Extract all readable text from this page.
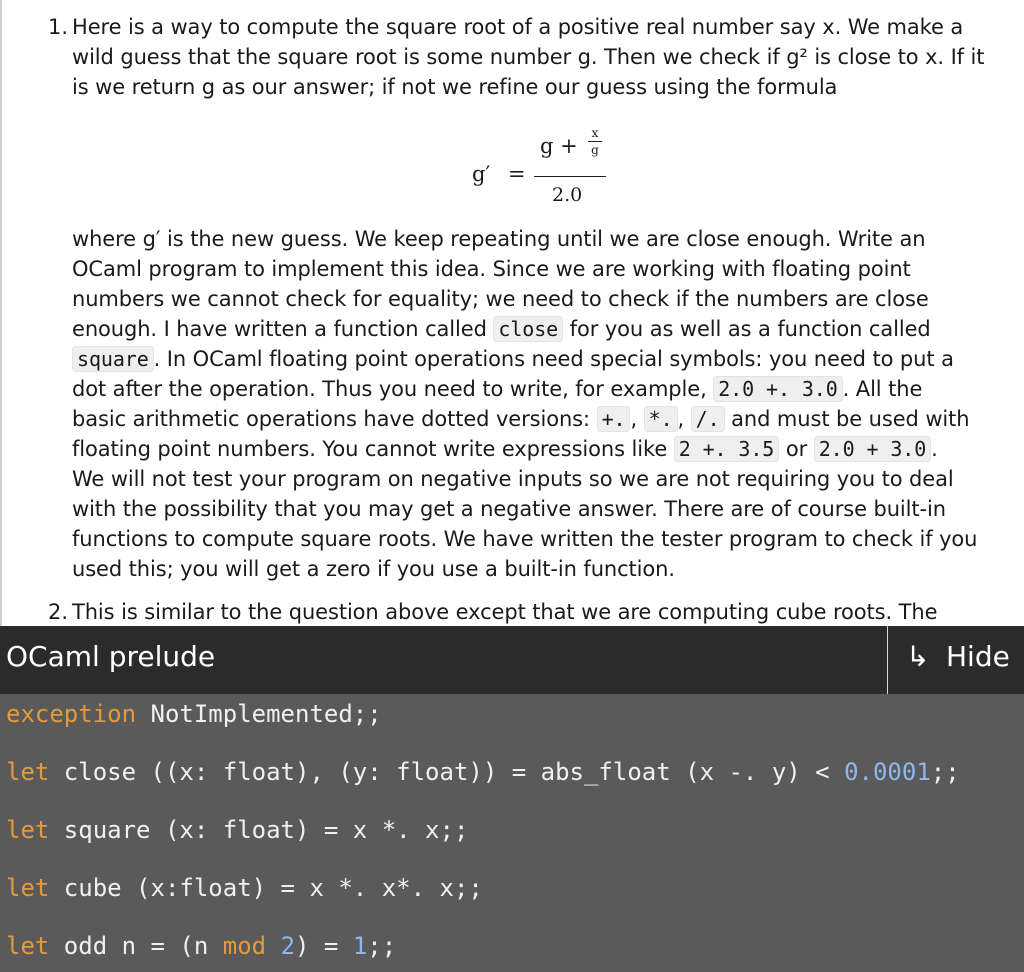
1. Here is a way to compute the square root of a positive real number say x. We make a
wild guess that the square root is some number g. Then we check if g² is close to x. If it
is we return g as our answer; if not we refine our guess using the formula
g′ =
g +
x
g
2.0
where g′ is the new guess. We keep repeating until we are close enough. Write an
OCaml program to implement this idea. Since we are working with floating point
numbers we cannot check for equality; we need to check if the numbers are close
enough. I have written a function called close for you as well as a function called
square . In OCaml floating point operations need special symbols: you need to put a
dot after the operation. Thus you need to write, for example, 2.0 +. 3.0 . All the
basic arithmetic operations have dotted versions: +. , *. , /. and must be used with
floating point numbers. You cannot write expressions like 2 +. 3.5 or 2.0 + 3.0 .
We will not test your program on negative inputs so we are not requiring you to deal
with the possibility that you may get a negative answer. There are of course built-in
functions to compute square roots. We have written the tester program to check if you
used this; you will get a zero if you use a built-in function.
2. This is similar to the question above except that we are computing cube roots. The
OCaml prelude	↳ Hide
exception NotImplemented;;
let close ((x: float), (y: float)) = abs_float (x -. y) < 0.0001;;
let square (x: float) = x *. x;;
let cube (x:float) = x *. x*. x;;
let odd n = (n mod 2) = 1;;
